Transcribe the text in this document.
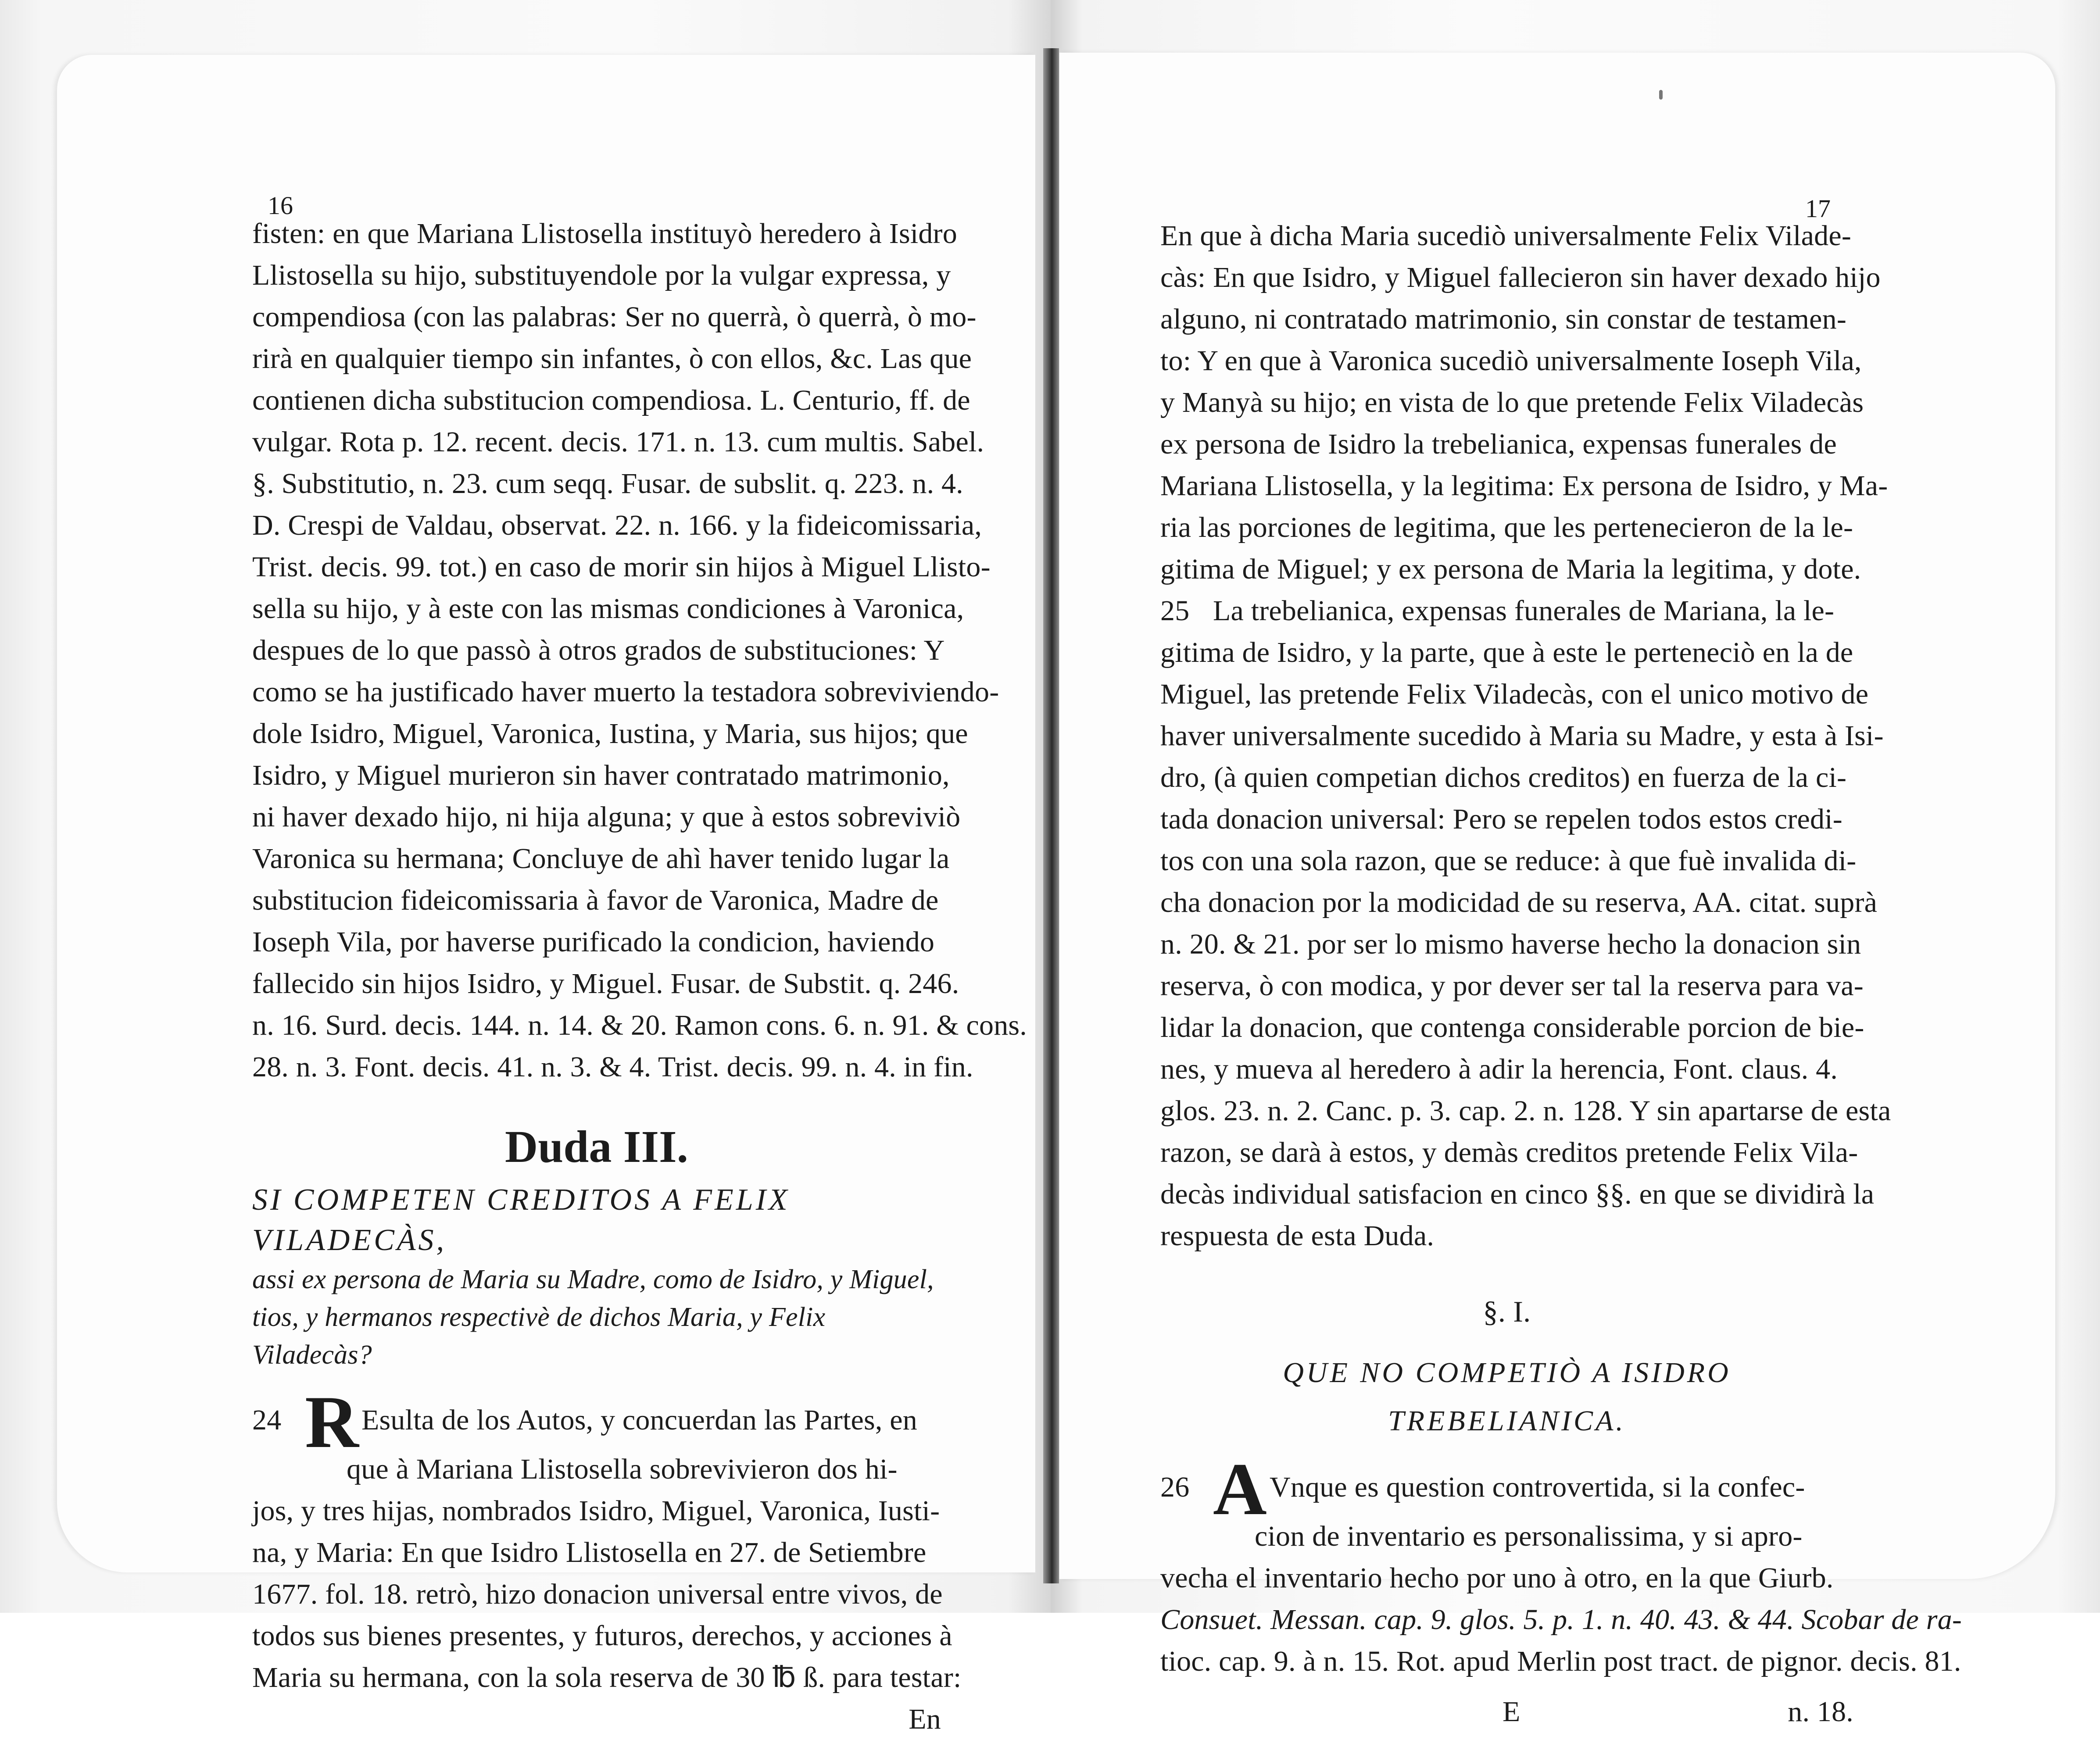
16
fisten: en que Mariana Llistosella instituyò heredero à Isidro
Llistosella su hijo, substituyendole por la vulgar expressa, y
compendiosa (con las palabras: Ser no querrà, ò querrà, ò mo-
rirà en qualquier tiempo sin infantes, ò con ellos, &c. Las que
contienen dicha substitucion compendiosa. L. Centurio, ff. de
vulgar. Rota p. 12. recent. decis. 171. n. 13. cum multis. Sabel.
§. Substitutio, n. 23. cum seqq. Fusar. de subslit. q. 223. n. 4.
D. Crespi de Valdau, observat. 22. n. 166. y la fideicomissaria,
Trist. decis. 99. tot.) en caso de morir sin hijos à Miguel Llisto-
sella su hijo, y à este con las mismas condiciones à Varonica,
despues de lo que passò à otros grados de substituciones: Y
como se ha justificado haver muerto la testadora sobreviviendo-
dole Isidro, Miguel, Varonica, Iustina, y Maria, sus hijos; que
Isidro, y Miguel murieron sin haver contratado matrimonio,
ni haver dexado hijo, ni hija alguna; y que à estos sobreviviò
Varonica su hermana; Concluye de ahì haver tenido lugar la
substitucion fideicomissaria à favor de Varonica, Madre de
Ioseph Vila, por haverse purificado la condicion, haviendo
fallecido sin hijos Isidro, y Miguel. Fusar. de Substit. q. 246.
n. 16. Surd. decis. 144. n. 14. & 20. Ramon cons. 6. n. 91. & cons.
28. n. 3. Font. decis. 41. n. 3. & 4. Trist. decis. 99. n. 4. in fin.
Duda III.
SI COMPETEN CREDITOS A FELIX VILADECÀS,
assi ex persona de Maria su Madre, como de Isidro, y Miguel,
tios, y hermanos respectivè de dichos Maria, y Felix Viladecàs?
24 REsulta de los Autos, y concuerdan las Partes, en
que à Mariana Llistosella sobrevivieron dos hi-
jos, y tres hijas, nombrados Isidro, Miguel, Varonica, Iusti-
na, y Maria: En que Isidro Llistosella en 27. de Setiembre
1677. fol. 18. retrò, hizo donacion universal entre vivos, de
todos sus bienes presentes, y futuros, derechos, y acciones à
Maria su hermana, con la sola reserva de 30 ℔ ß. para testar:
En
17
En que à dicha Maria sucediò universalmente Felix Vilade-
càs: En que Isidro, y Miguel fallecieron sin haver dexado hijo
alguno, ni contratado matrimonio, sin constar de testamen-
to: Y en que à Varonica sucediò universalmente Ioseph Vila,
y Manyà su hijo; en vista de lo que pretende Felix Viladecàs
ex persona de Isidro la trebelianica, expensas funerales de
Mariana Llistosella, y la legitima: Ex persona de Isidro, y Ma-
ria las porciones de legitima, que les pertenecieron de la le-
gitima de Miguel; y ex persona de Maria la legitima, y dote.
25 La trebelianica, expensas funerales de Mariana, la le-
gitima de Isidro, y la parte, que à este le perteneciò en la de
Miguel, las pretende Felix Viladecàs, con el unico motivo de
haver universalmente sucedido à Maria su Madre, y esta à Isi-
dro, (à quien competian dichos creditos) en fuerza de la ci-
tada donacion universal: Pero se repelen todos estos credi-
tos con una sola razon, que se reduce: à que fuè invalida di-
cha donacion por la modicidad de su reserva, AA. citat. suprà
n. 20. & 21. por ser lo mismo haverse hecho la donacion sin
reserva, ò con modica, y por dever ser tal la reserva para va-
lidar la donacion, que contenga considerable porcion de bie-
nes, y mueva al heredero à adir la herencia, Font. claus. 4.
glos. 23. n. 2. Canc. p. 3. cap. 2. n. 128. Y sin apartarse de esta
razon, se darà à estos, y demàs creditos pretende Felix Vila-
decàs individual satisfacion en cinco §§. en que se dividirà la
respuesta de esta Duda.
§. I.
QUE NO COMPETIÒ A ISIDRO TREBELIANICA.
26 AVnque es question controvertida, si la confec-
cion de inventario es personalissima, y si apro-
vecha el inventario hecho por uno à otro, en la que Giurb.
Consuet. Messan. cap. 9. glos. 5. p. 1. n. 40. 43. & 44. Scobar de ra-
tioc. cap. 9. à n. 15. Rot. apud Merlin post tract. de pignor. decis. 81.
E	n. 18.
